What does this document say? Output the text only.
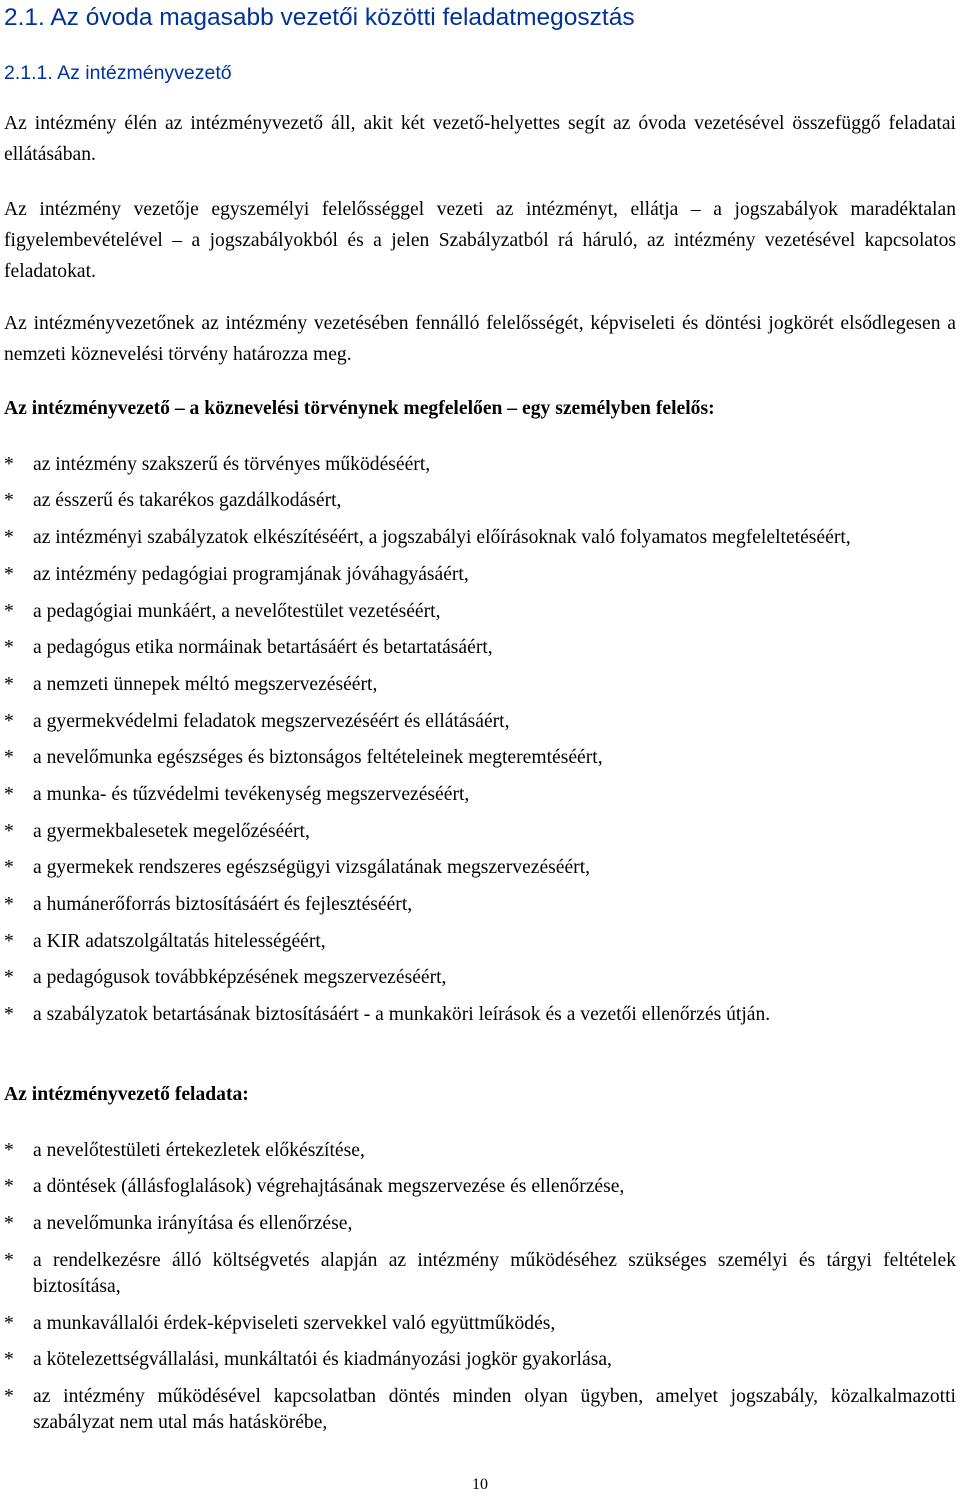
2.1. Az óvoda magasabb vezetői közötti feladatmegosztás
2.1.1. Az intézményvezető

Az intézmény élén az intézményvezető áll, akit két vezető-helyettes segít az óvoda vezetésével összefüggő feladatai ellátásában.

Az intézmény vezetője egyszemélyi felelősséggel vezeti az intézményt, ellátja – a jogszabályok maradéktalan figyelembevételével – a jogszabályokból és a jelen Szabályzatból rá háruló, az intézmény vezetésével kapcsolatos feladatokat.

Az intézményvezetőnek az intézmény vezetésében fennálló felelősségét, képviseleti és döntési jogkörét elsődlegesen a nemzeti köznevelési törvény határozza meg.

Az intézményvezető – a köznevelési törvénynek megfelelően – egy személyben felelős:

* az intézmény szakszerű és törvényes működéséért,
* az ésszerű és takarékos gazdálkodásért,
* az intézményi szabályzatok elkészítéséért, a jogszabályi előírásoknak való folyamatos megfeleltetéséért,
* az intézmény pedagógiai programjának jóváhagyásáért,
* a pedagógiai munkáért, a nevelőtestület vezetéséért,
* a pedagógus etika normáinak betartásáért és betartatásáért,
* a nemzeti ünnepek méltó megszervezéséért,
* a gyermekvédelmi feladatok megszervezéséért és ellátásáért,
* a nevelőmunka egészséges és biztonságos feltételeinek megteremtéséért,
* a munka- és tűzvédelmi tevékenység megszervezéséért,
* a gyermekbalesetek megelőzéséért,
* a gyermekek rendszeres egészségügyi vizsgálatának megszervezéséért,
* a humánerőforrás biztosításáért és fejlesztéséért,
* a KIR adatszolgáltatás hitelességéért,
* a pedagógusok továbbképzésének megszervezéséért,
* a szabályzatok betartásának biztosításáért - a munkaköri leírások és a vezetői ellenőrzés útján.

Az intézményvezető feladata:

* a nevelőtestületi értekezletek előkészítése,
* a döntések (állásfoglalások) végrehajtásának megszervezése és ellenőrzése,
* a nevelőmunka irányítása és ellenőrzése,
* a rendelkezésre álló költségvetés alapján az intézmény működéséhez szükséges személyi és tárgyi feltételek biztosítása,
* a munkavállalói érdek-képviseleti szervekkel való együttműködés,
* a kötelezettségvállalási, munkáltatói és kiadmányozási jogkör gyakorlása,
* az intézmény működésével kapcsolatban döntés minden olyan ügyben, amelyet jogszabály, közalkalmazotti szabályzat nem utal más hatáskörébe,
10
